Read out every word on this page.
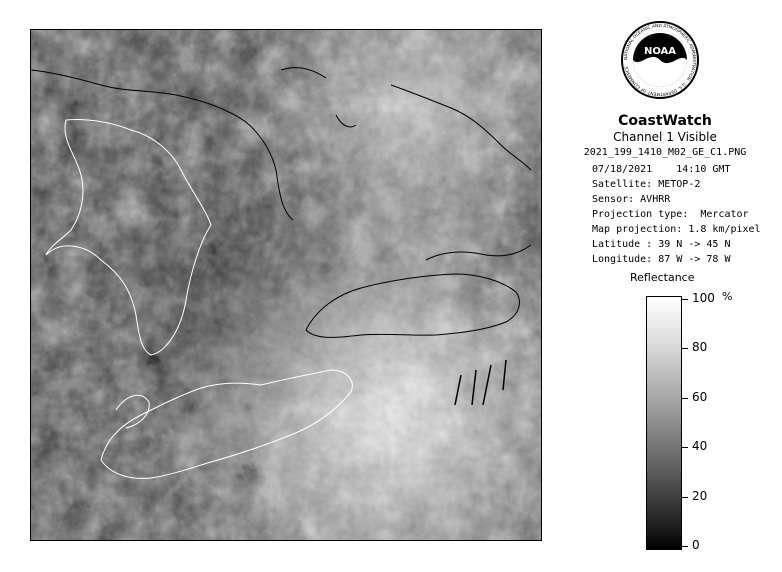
NOAA
NATIONAL OCEANIC AND ATMOSPHERIC ADMINISTRATION · U.S. DEPARTMENT OF COMMERCE
CoastWatch
Channel 1 Visible
2021_199_1410_M02_GE_C1.PNG
07/18/2021    14:10 GMT
Satellite: METOP-2
Sensor: AVHRR
Projection type:  Mercator
Map projection: 1.8 km/pixel
Latitude : 39 N -> 45 N
Longitude: 87 W -> 78 W
Reflectance
%
100
80
60
40
20
0
